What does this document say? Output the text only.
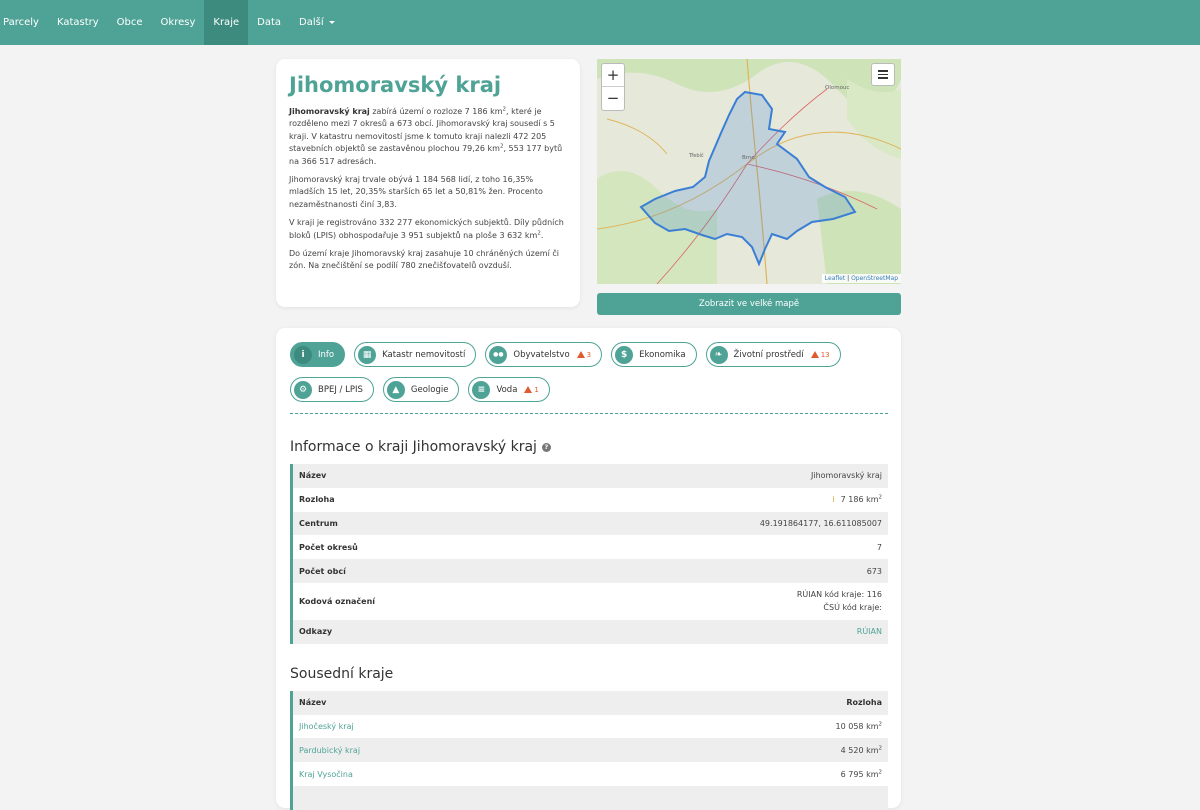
Parcely	Katastry	Obce	Okresy	Kraje	Data	Další
Jihomoravský kraj

Jihomoravský kraj zabírá území o rozloze 7 186 $km^2$, které je rozděleno mezi 7 okresů a 673 obcí. Jihomoravský kraj sousedí s 5 kraji. V katastru nemovitostí jsme k tomuto kraji nalezli 472 205 stavebních objektů se zastavěnou plochou 79,26 $km^2$, 553 177 bytů na 366 517 adresách.

Jihomoravský kraj trvale obývá 1 184 568 lidí, z toho 16,35% mladších 15 let, 20,35% starších 65 let a 50,81% žen. Procento nezaměstnanosti činí 3,83.

V kraji je registrováno 332 277 ekonomických subjektů. Díly půdních bloků (LPIS) obhospodařuje 3 951 subjektů na ploše 3 632 $km^2$.

Do území kraje Jihomoravský kraj zasahuje 10 chráněných území či zón. Na znečištění se podílí 780 znečišťovatelů ovzduší.

Olomouc
Brno
Třebíč
+
−
Leaflet | OpenStreetMap
Zobrazit ve velké mapě
i	Info	▦	Katastr nemovitostí	●●	Obyvatelstvo 3	$	Ekonomika	❧	Životní prostředí 13
⚙	BPEJ / LPIS	▲	Geologie	≡	Voda 1
Informace o kraji Jihomoravský kraj	?
Název	Jihomoravský kraj
Rozloha	i 7 186 $km^2$
Centrum	49.191864177, 16.611085007
Počet okresů	7
Počet obcí	673
Kodová označení
RÚIAN kód kraje: 116
ČSÚ kód kraje:
Odkazy	RÚIAN
Sousední kraje
Název	Rozloha
Jihočeský kraj	10 058 $km^2$
Pardubický kraj	4 520 $km^2$
Kraj Vysočina	6 795 $km^2$
